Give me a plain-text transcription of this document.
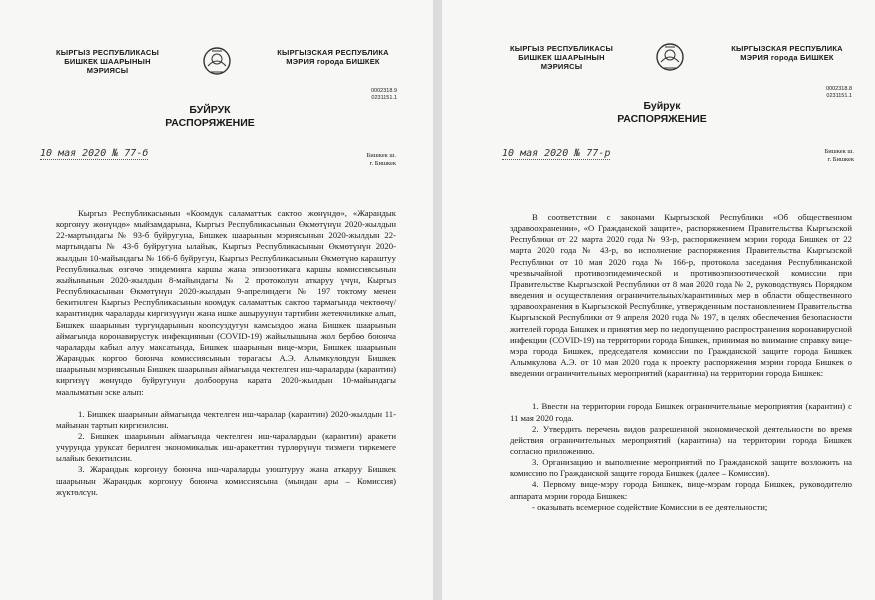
КЫРГЫЗ РЕСПУБЛИКАСЫ
БИШКЕК ШААРЫНЫН
МЭРИЯСЫ
КЫРГЫЗСКАЯ РЕСПУБЛИКА
МЭРИЯ города БИШКЕК
0002318.9
0231151.1
БУЙРУК
РАСПОРЯЖЕНИЕ
10 мая 2020 № 77-б	Бишкек ш.
г. Бишкек

Кыргыз Республикасынын «Коомдук саламаттык сактоо жөнүндө», «Жарандык коргонуу жөнүндө» мыйзамдарына, Кыргыз Республикасынын Өкмөтүнүн 2020-жылдын 22-мартындагы № 93-б буйругуна, Бишкек шаарынын мэриясынын 2020-жылдын 22-мартындагы № 43-б буйругуна ылайык, Кыргыз Республикасынын Өкмөтүнүн 2020-жылдын 10-майындагы № 166-б буйругун, Кыргыз Республикасынын Өкмөтүнө караштуу Республикалык өзгөчө эпидемияга каршы жана эпизоотикага каршы комиссиясынын жыйынынын 2020-жылдын 8-майындагы № 2 протоколун аткаруу үчүн, Кыргыз Республикасынын Өкмөтүнүн 2020-жылдын 9-апрелиндеги № 197 токтому менен бекитилген Кыргыз Республикасынын коомдук саламаттык сактоо тармагында чектөөчү/карантиндик чараларды киргизүүнүн жана ишке ашыруунун тартибин жетекчиликке алып, Бишкек шаарынын тургундарынын коопсуздугун камсыздоо жана Бишкек шаарынын аймагында коронавирустук инфекциянын (COVID-19) жайылышына жол бербөө боюнча чараларды кабыл алуу максатында, Бишкек шаарынын вице-мэри, Бишкек шаарынын Жарандык коргоо боюнча комиссиясынын төрагасы А.Э. Алымкуловдун Бишкек шаарынын мэриясынын Бишкек шаарынын аймагында чектелген иш-чараларды (карантин) киргизүү жөнүндө буйругунун долбооруна карата 2020-жылдын 10-майындагы маалыматын эске алып:

1. Бишкек шаарынын аймагында чектелген иш-чаралар (карантин) 2020-жылдын 11-майынан тартып киргизилсин.

2. Бишкек шаарынын аймагында чектелген иш-чаралардын (карантин) аракети учурунда уруксат берилген экономикалык иш-аракеттин түрлөрүнүн тизмеги тиркемеге ылайык бекитилсин.

3. Жарандык коргонуу боюнча иш-чараларды уюштуруу жана аткаруу Бишкек шаарынын Жарандык коргонуу боюнча комиссиясына (мындан ары – Комиссия) жүктөлсүн.

КЫРГЫЗ РЕСПУБЛИКАСЫ
БИШКЕК ШААРЫНЫН
МЭРИЯСЫ
КЫРГЫЗСКАЯ РЕСПУБЛИКА
МЭРИЯ города БИШКЕК
0002318.8
0231151.1
Буйрук
РАСПОРЯЖЕНИЕ
10 мая 2020 № 77-р	Бишкек ш.
г. Бишкек

В соответствии с законами Кыргызской Республики «Об общественном здравоохранении», «О Гражданской защите», распоряжением Правительства Кыргызской Республики от 22 марта 2020 года № 93-р, распоряжением мэрии города Бишкек от 22 марта 2020 года № 43-р, во исполнение распоряжения Правительства Кыргызской Республики от 10 мая 2020 года № 166-р, протокола заседания Республиканской чрезвычайной противоэпидемической и противоэпизоотической комиссии при Правительстве Кыргызской Республики от 8 мая 2020 года № 2, руководствуясь Порядком введения и осуществления ограничительных/карантинных мер в области общественного здравоохранения в Кыргызской Республике, утвержденным постановлением Правительства Кыргызской Республики от 9 апреля 2020 года № 197, в целях обеспечения безопасности жителей города Бишкек и принятия мер по недопущению распространения коронавирусной инфекции (COVID-19) на территории города Бишкек, принимая во внимание справку вице-мэра города Бишкек, председателя комиссии по Гражданской защите города Бишкек Алымкулова А.Э. от 10 мая 2020 года к проекту распоряжения мэрии города Бишкек о введении ограничительных мероприятий (карантина) на территории города Бишкек:

1. Ввести на территории города Бишкек ограничительные мероприятия (карантин) с 11 мая 2020 года.

2. Утвердить перечень видов разрешенной экономической деятельности во время действия ограничительных мероприятий (карантина) на территории города Бишкек согласно приложению.

3. Организацию и выполнение мероприятий по Гражданской защите возложить на комиссию по Гражданской защите города Бишкек (далее – Комиссия).

4. Первому вице-мэру города Бишкек, вице-мэрам города Бишкек, руководителю аппарата мэрии города Бишкек:

- оказывать всемерное содействие Комиссии в ее деятельности;
